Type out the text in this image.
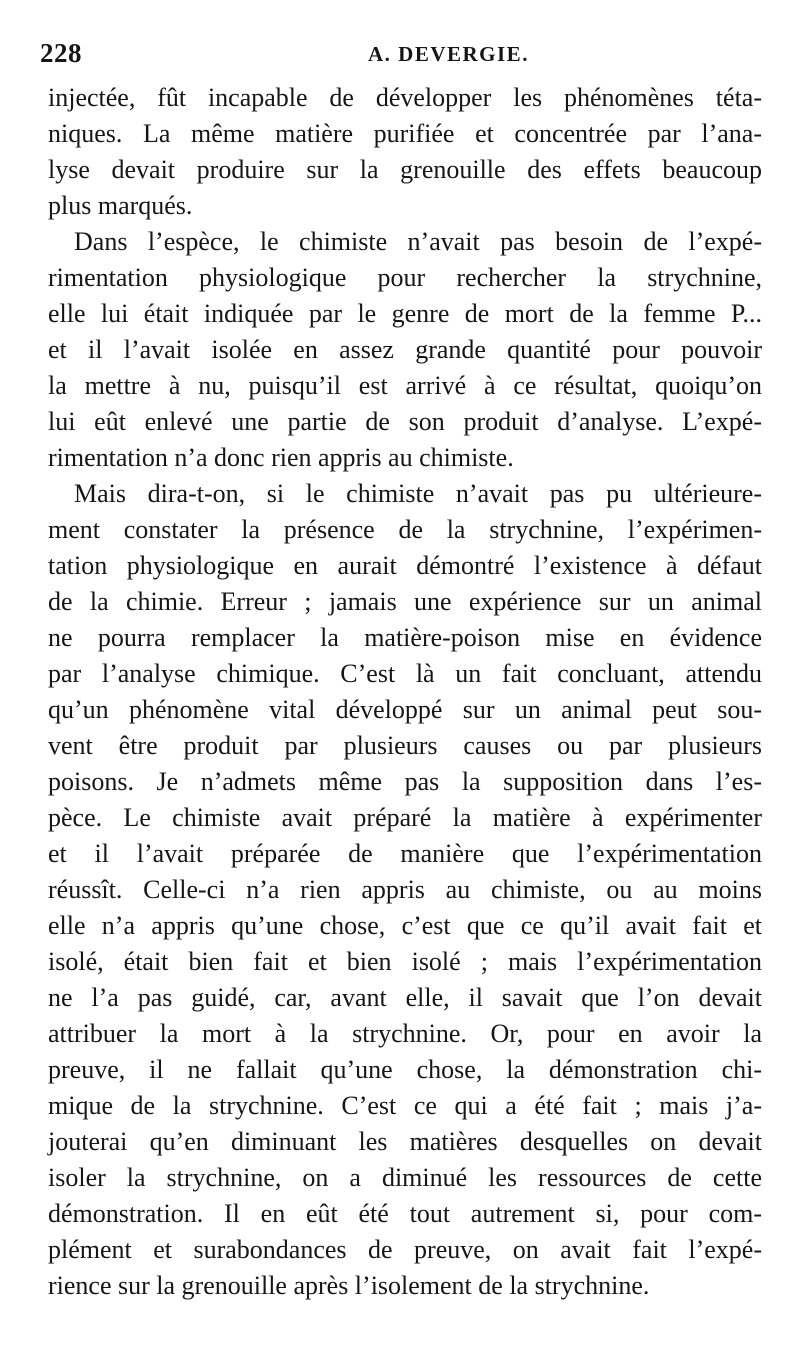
228	A. DEVERGIE.
injectée, fût incapable de développer les phénomènes téta-
niques. La même matière purifiée et concentrée par l’ana-
lyse devait produire sur la grenouille des effets beaucoup
plus marqués.
Dans l’espèce, le chimiste n’avait pas besoin de l’expé-
rimentation physiologique pour rechercher la strychnine,
elle lui était indiquée par le genre de mort de la femme P...
et il l’avait isolée en assez grande quantité pour pouvoir
la mettre à nu, puisqu’il est arrivé à ce résultat, quoiqu’on
lui eût enlevé une partie de son produit d’analyse. L’expé-
rimentation n’a donc rien appris au chimiste.
Mais dira-t-on, si le chimiste n’avait pas pu ultérieure-
ment constater la présence de la strychnine, l’expérimen-
tation physiologique en aurait démontré l’existence à défaut
de la chimie. Erreur ; jamais une expérience sur un animal
ne pourra remplacer la matière-poison mise en évidence
par l’analyse chimique. C’est là un fait concluant, attendu
qu’un phénomène vital développé sur un animal peut sou-
vent être produit par plusieurs causes ou par plusieurs
poisons. Je n’admets même pas la supposition dans l’es-
pèce. Le chimiste avait préparé la matière à expérimenter
et il l’avait préparée de manière que l’expérimentation
réussît. Celle-ci n’a rien appris au chimiste, ou au moins
elle n’a appris qu’une chose, c’est que ce qu’il avait fait et
isolé, était bien fait et bien isolé ; mais l’expérimentation
ne l’a pas guidé, car, avant elle, il savait que l’on devait
attribuer la mort à la strychnine. Or, pour en avoir la
preuve, il ne fallait qu’une chose, la démonstration chi-
mique de la strychnine. C’est ce qui a été fait ; mais j’a-
jouterai qu’en diminuant les matières desquelles on devait
isoler la strychnine, on a diminué les ressources de cette
démonstration. Il en eût été tout autrement si, pour com-
plément et surabondances de preuve, on avait fait l’expé-
rience sur la grenouille après l’isolement de la strychnine.
